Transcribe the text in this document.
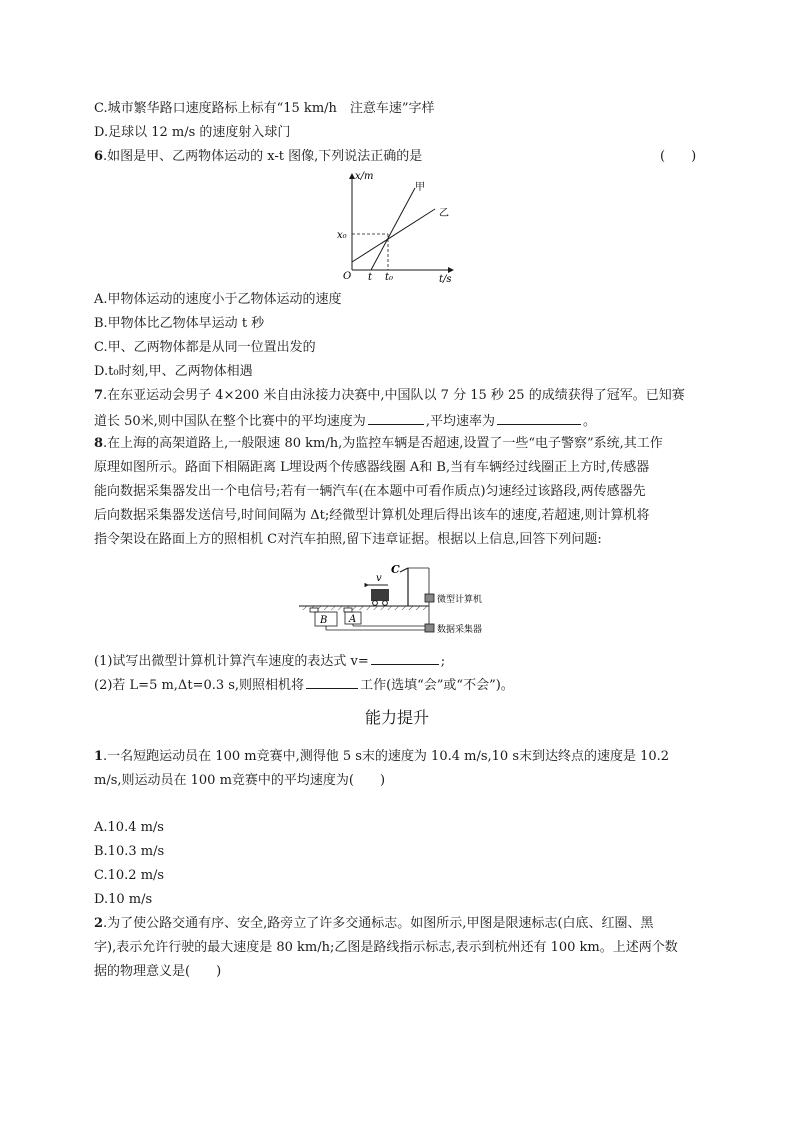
C.城市繁华路口速度路标上标有“15 km/h　注意车速”字样
D.足球以 12 m/s 的速度射入球门
6.如图是甲、乙两物体运动的 x-t 图像,下列说法正确的是	(　　)
x/m
t/s
O
x₀
t t₀
甲
乙
A.甲物体运动的速度小于乙物体运动的速度
B.甲物体比乙物体早运动 t 秒
C.甲、乙两物体都是从同一位置出发的
D.t₀时刻,甲、乙两物体相遇
7.在东亚运动会男子 4×200 米自由泳接力决赛中,中国队以 7 分 15 秒 25 的成绩获得了冠军。已知赛
道长 50米,则中国队在整个比赛中的平均速度为	,平均速率为	。
8.在上海的高架道路上,一般限速 80 km/h,为监控车辆是否超速,设置了一些“电子警察”系统,其工作
原理如图所示。路面下相隔距离 L埋设两个传感器线圈 A和 B,当有车辆经过线圈正上方时,传感器
能向数据采集器发出一个电信号;若有一辆汽车(在本题中可看作质点)匀速经过该路段,两传感器先
后向数据采集器发送信号,时间间隔为 Δt;经微型计算机处理后得出该车的速度,若超速,则计算机将
指令架设在路面上方的照相机 C对汽车拍照,留下违章证据。根据以上信息,回答下列问题:
C
v
B A
微型计算机
数据采集器
(1)试写出微型计算机计算汽车速度的表达式 v=	;
(2)若 L=5 m,Δt=0.3 s,则照相机将	工作(选填“会”或“不会”)。
能力提升
1.一名短跑运动员在 100 m竞赛中,测得他 5 s末的速度为 10.4 m/s,10 s末到达终点的速度是 10.2
m/s,则运动员在 100 m竞赛中的平均速度为(　　)
A.10.4 m/s
B.10.3 m/s
C.10.2 m/s
D.10 m/s
2.为了使公路交通有序、安全,路旁立了许多交通标志。如图所示,甲图是限速标志(白底、红圈、黑
字),表示允许行驶的最大速度是 80 km/h;乙图是路线指示标志,表示到杭州还有 100 km。上述两个数
据的物理意义是(　　)
